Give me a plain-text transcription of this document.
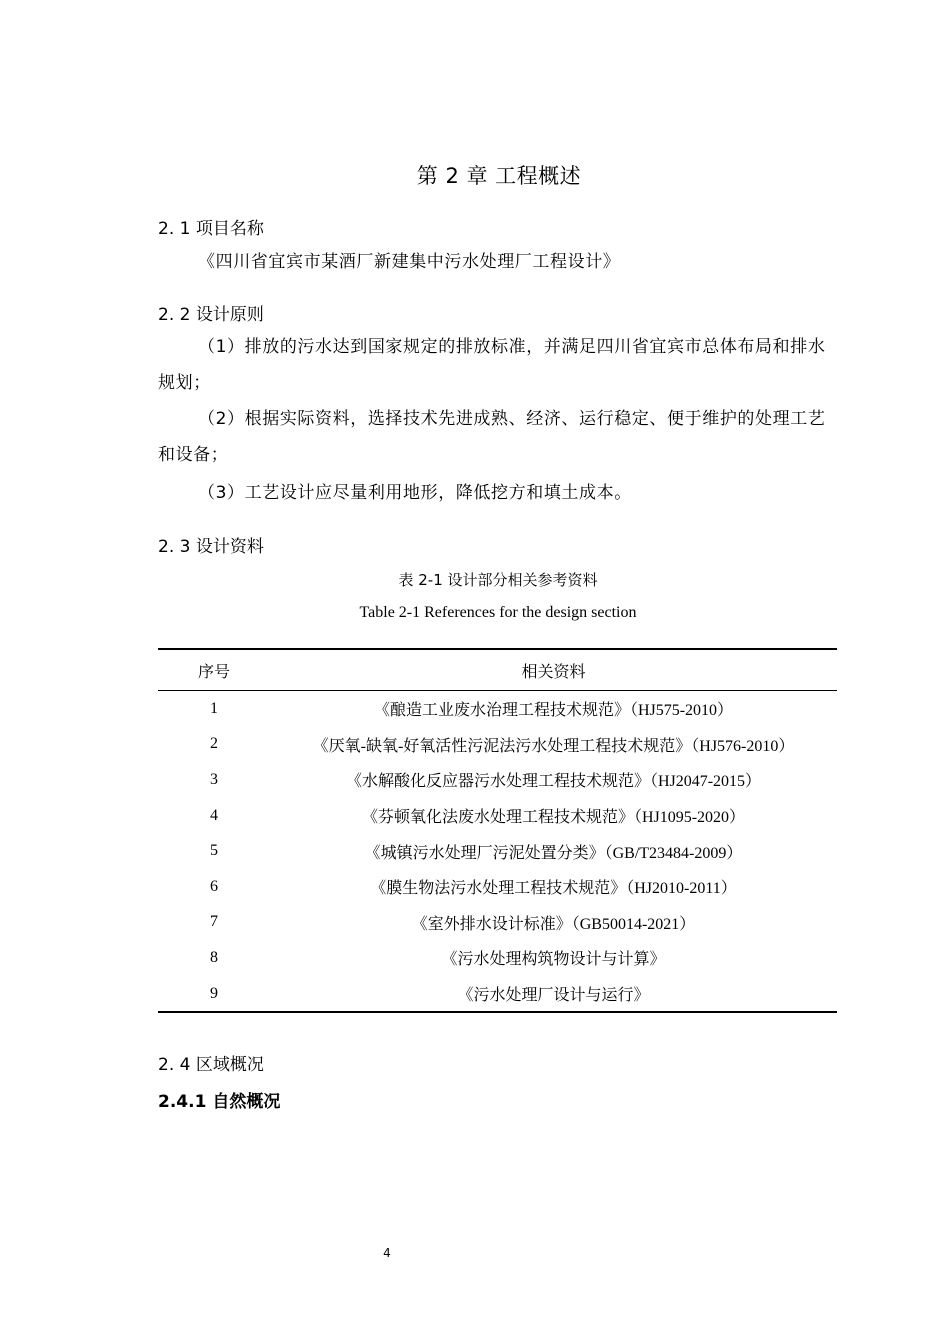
第 2 章 工程概述
2. 1 项目名称
《四川省宜宾市某酒厂新建集中污水处理厂工程设计》
2. 2 设计原则
（1）排放的污水达到国家规定的排放标准，并满足四川省宜宾市总体布局和排水规划；
（2）根据实际资料，选择技术先进成熟、经济、运行稳定、便于维护的处理工艺和设备；
（3）工艺设计应尽量利用地形，降低挖方和填土成本。
2. 3 设计资料
表 2-1 设计部分相关参考资料
Table 2-1 References for the design section
序号	相关资料
1	《酿造工业废水治理工程技术规范》（HJ575-2010）
2	《厌氧-缺氧-好氧活性污泥法污水处理工程技术规范》（HJ576-2010）
3	《水解酸化反应器污水处理工程技术规范》（HJ2047-2015）
4	《芬顿氧化法废水处理工程技术规范》（HJ1095-2020）
5	《城镇污水处理厂污泥处置分类》（GB/T23484-2009）
6	《膜生物法污水处理工程技术规范》（HJ2010-2011）
7	《室外排水设计标准》（GB50014-2021）
8	《污水处理构筑物设计与计算》
9	《污水处理厂设计与运行》
2. 4 区域概况
2.4.1 自然概况
4
